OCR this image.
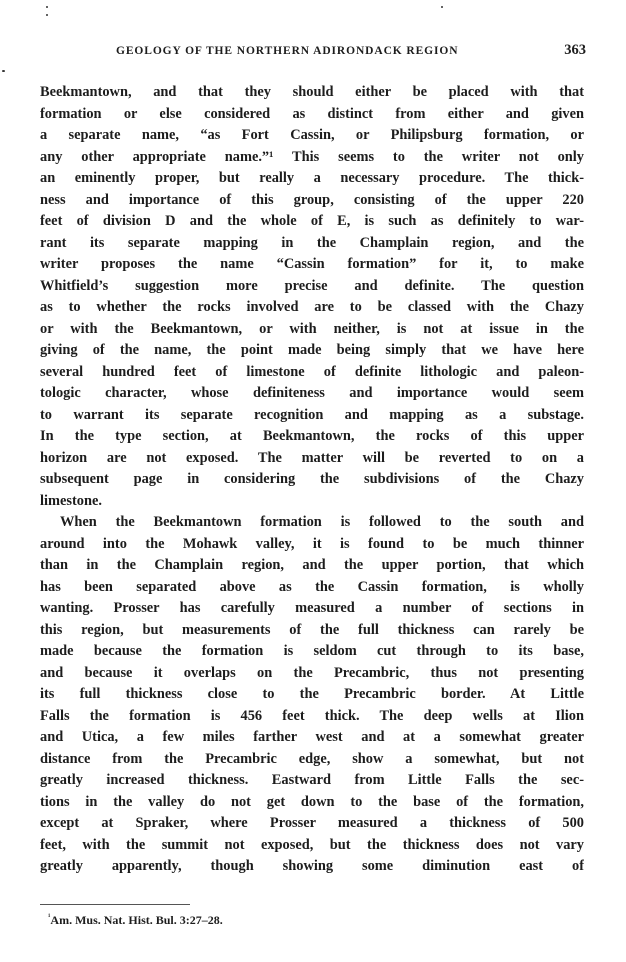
GEOLOGY OF THE NORTHERN ADIRONDACK REGION	363
Beekmantown, and that they should either be placed with that
formation or else considered as distinct from either and given
a separate name, “as Fort Cassin, or Philipsburg formation, or
any other appropriate name.”¹ This seems to the writer not only
an eminently proper, but really a necessary procedure. The thick-
ness and importance of this group, consisting of the upper 220
feet of division D and the whole of E, is such as definitely to war-
rant its separate mapping in the Champlain region, and the
writer proposes the name “Cassin formation” for it, to make
Whitfield’s suggestion more precise and definite. The question
as to whether the rocks involved are to be classed with the Chazy
or with the Beekmantown, or with neither, is not at issue in the
giving of the name, the point made being simply that we have here
several hundred feet of limestone of definite lithologic and paleon-
tologic character, whose definiteness and importance would seem
to warrant its separate recognition and mapping as a substage.
In the type section, at Beekmantown, the rocks of this upper
horizon are not exposed. The matter will be reverted to on a
subsequent page in considering the subdivisions of the Chazy
limestone.
When the Beekmantown formation is followed to the south and
around into the Mohawk valley, it is found to be much thinner
than in the Champlain region, and the upper portion, that which
has been separated above as the Cassin formation, is wholly
wanting. Prosser has carefully measured a number of sections in
this region, but measurements of the full thickness can rarely be
made because the formation is seldom cut through to its base,
and because it overlaps on the Precambric, thus not presenting
its full thickness close to the Precambric border. At Little
Falls the formation is 456 feet thick. The deep wells at Ilion
and Utica, a few miles farther west and at a somewhat greater
distance from the Precambric edge, show a somewhat, but not
greatly increased thickness. Eastward from Little Falls the sec-
tions in the valley do not get down to the base of the formation,
except at Spraker, where Prosser measured a thickness of 500
feet, with the summit not exposed, but the thickness does not vary
greatly apparently, though showing some diminution east of
$^{^1}$Am. Mus. Nat. Hist. Bul. 3:27–28.
